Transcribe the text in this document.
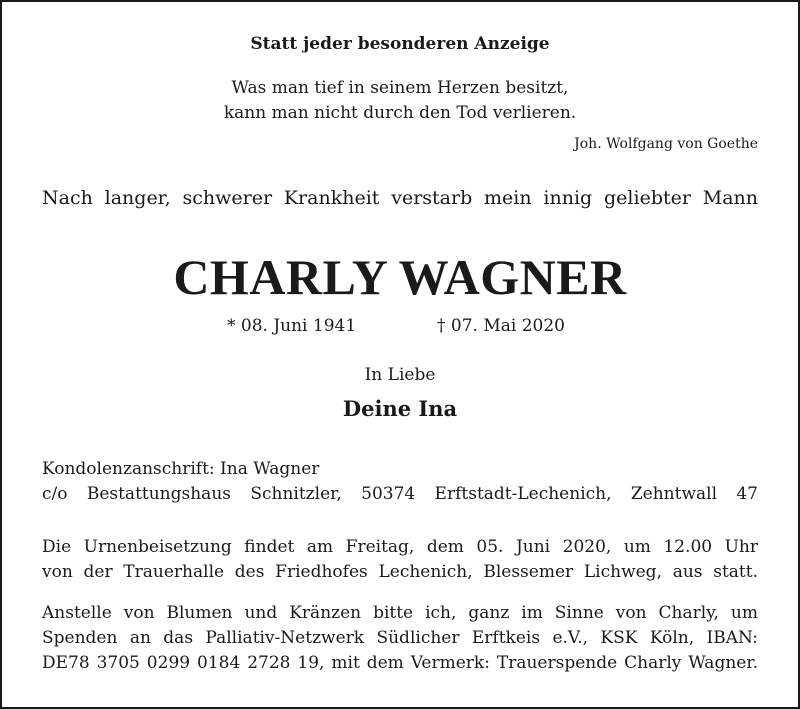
Statt jeder besonderen Anzeige
Was man tief in seinem Herzen besitzt,
kann man nicht durch den Tod verlieren.
Joh. Wolfgang von Goethe
Nach langer, schwerer Krankheit verstarb mein innig geliebter Mann
CHARLY WAGNER
* 08. Juni 1941	† 07. Mai 2020
In Liebe
Deine Ina
Kondolenzanschrift: Ina Wagner
c/o Bestattungshaus Schnitzler, 50374 Erftstadt-Lechenich, Zehntwall 47
Die Urnenbeisetzung findet am Freitag, dem 05. Juni 2020, um 12.00 Uhr
von der Trauerhalle des Friedhofes Lechenich, Blessemer Lichweg, aus statt.
Anstelle von Blumen und Kränzen bitte ich, ganz im Sinne von Charly, um
Spenden an das Palliativ-Netzwerk Südlicher Erftkeis e.V., KSK Köln, IBAN:
DE78 3705 0299 0184 2728 19, mit dem Vermerk: Trauerspende Charly Wagner.
